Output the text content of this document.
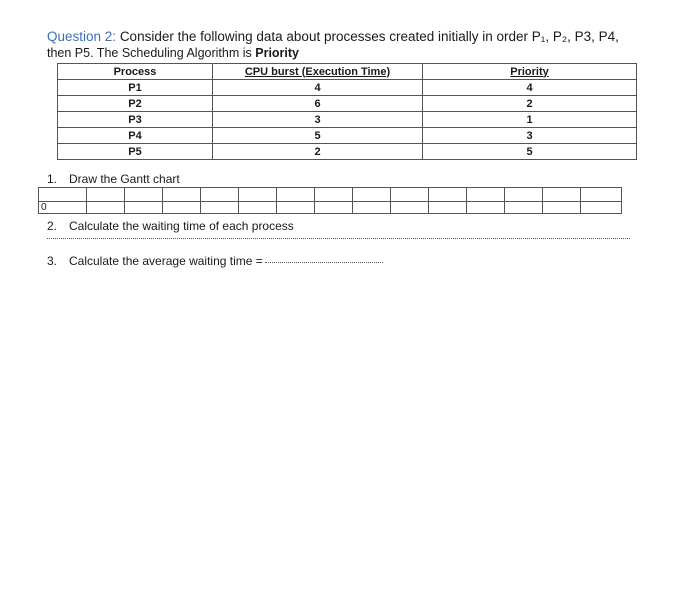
Question 2: Consider the following data about processes created initially in order P₁, P₂, P3, P4,
then P5. The Scheduling Algorithm is Priority
Process	CPU burst (Execution Time)	Priority
P1	4	4
P2	6	2
P3	3	1
P4	5	3
P5	2	5
1. Draw the Gantt chart
0
2. Calculate the waiting time of each process
3. Calculate the average waiting time =
